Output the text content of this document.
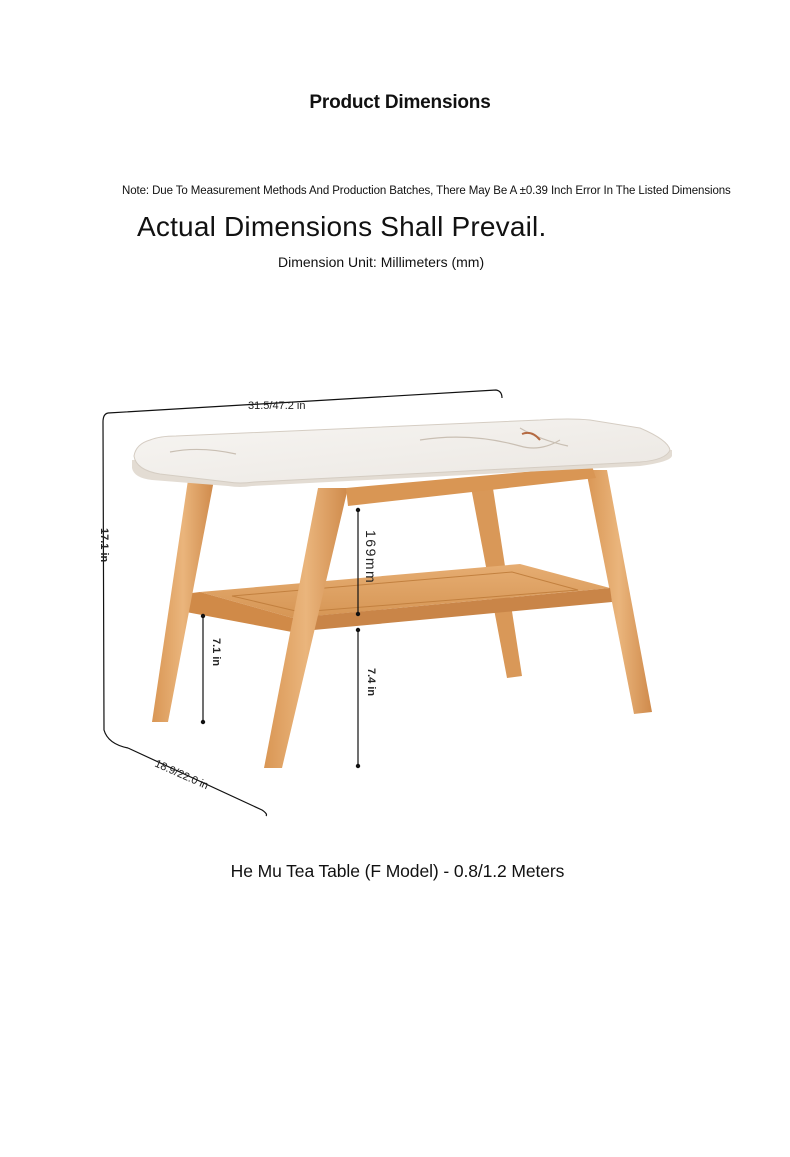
Product Dimensions
Note: Due To Measurement Methods And Production Batches, There May Be A ±0.39 Inch Error In The Listed Dimensions
Actual Dimensions Shall Prevail.
Dimension Unit: Millimeters (mm)
31.5/47.2 in
17.1 in
18.9/22.0 in
169mm
7.1 in
7.4 in
He Mu Tea Table (F Model) - 0.8/1.2 Meters
